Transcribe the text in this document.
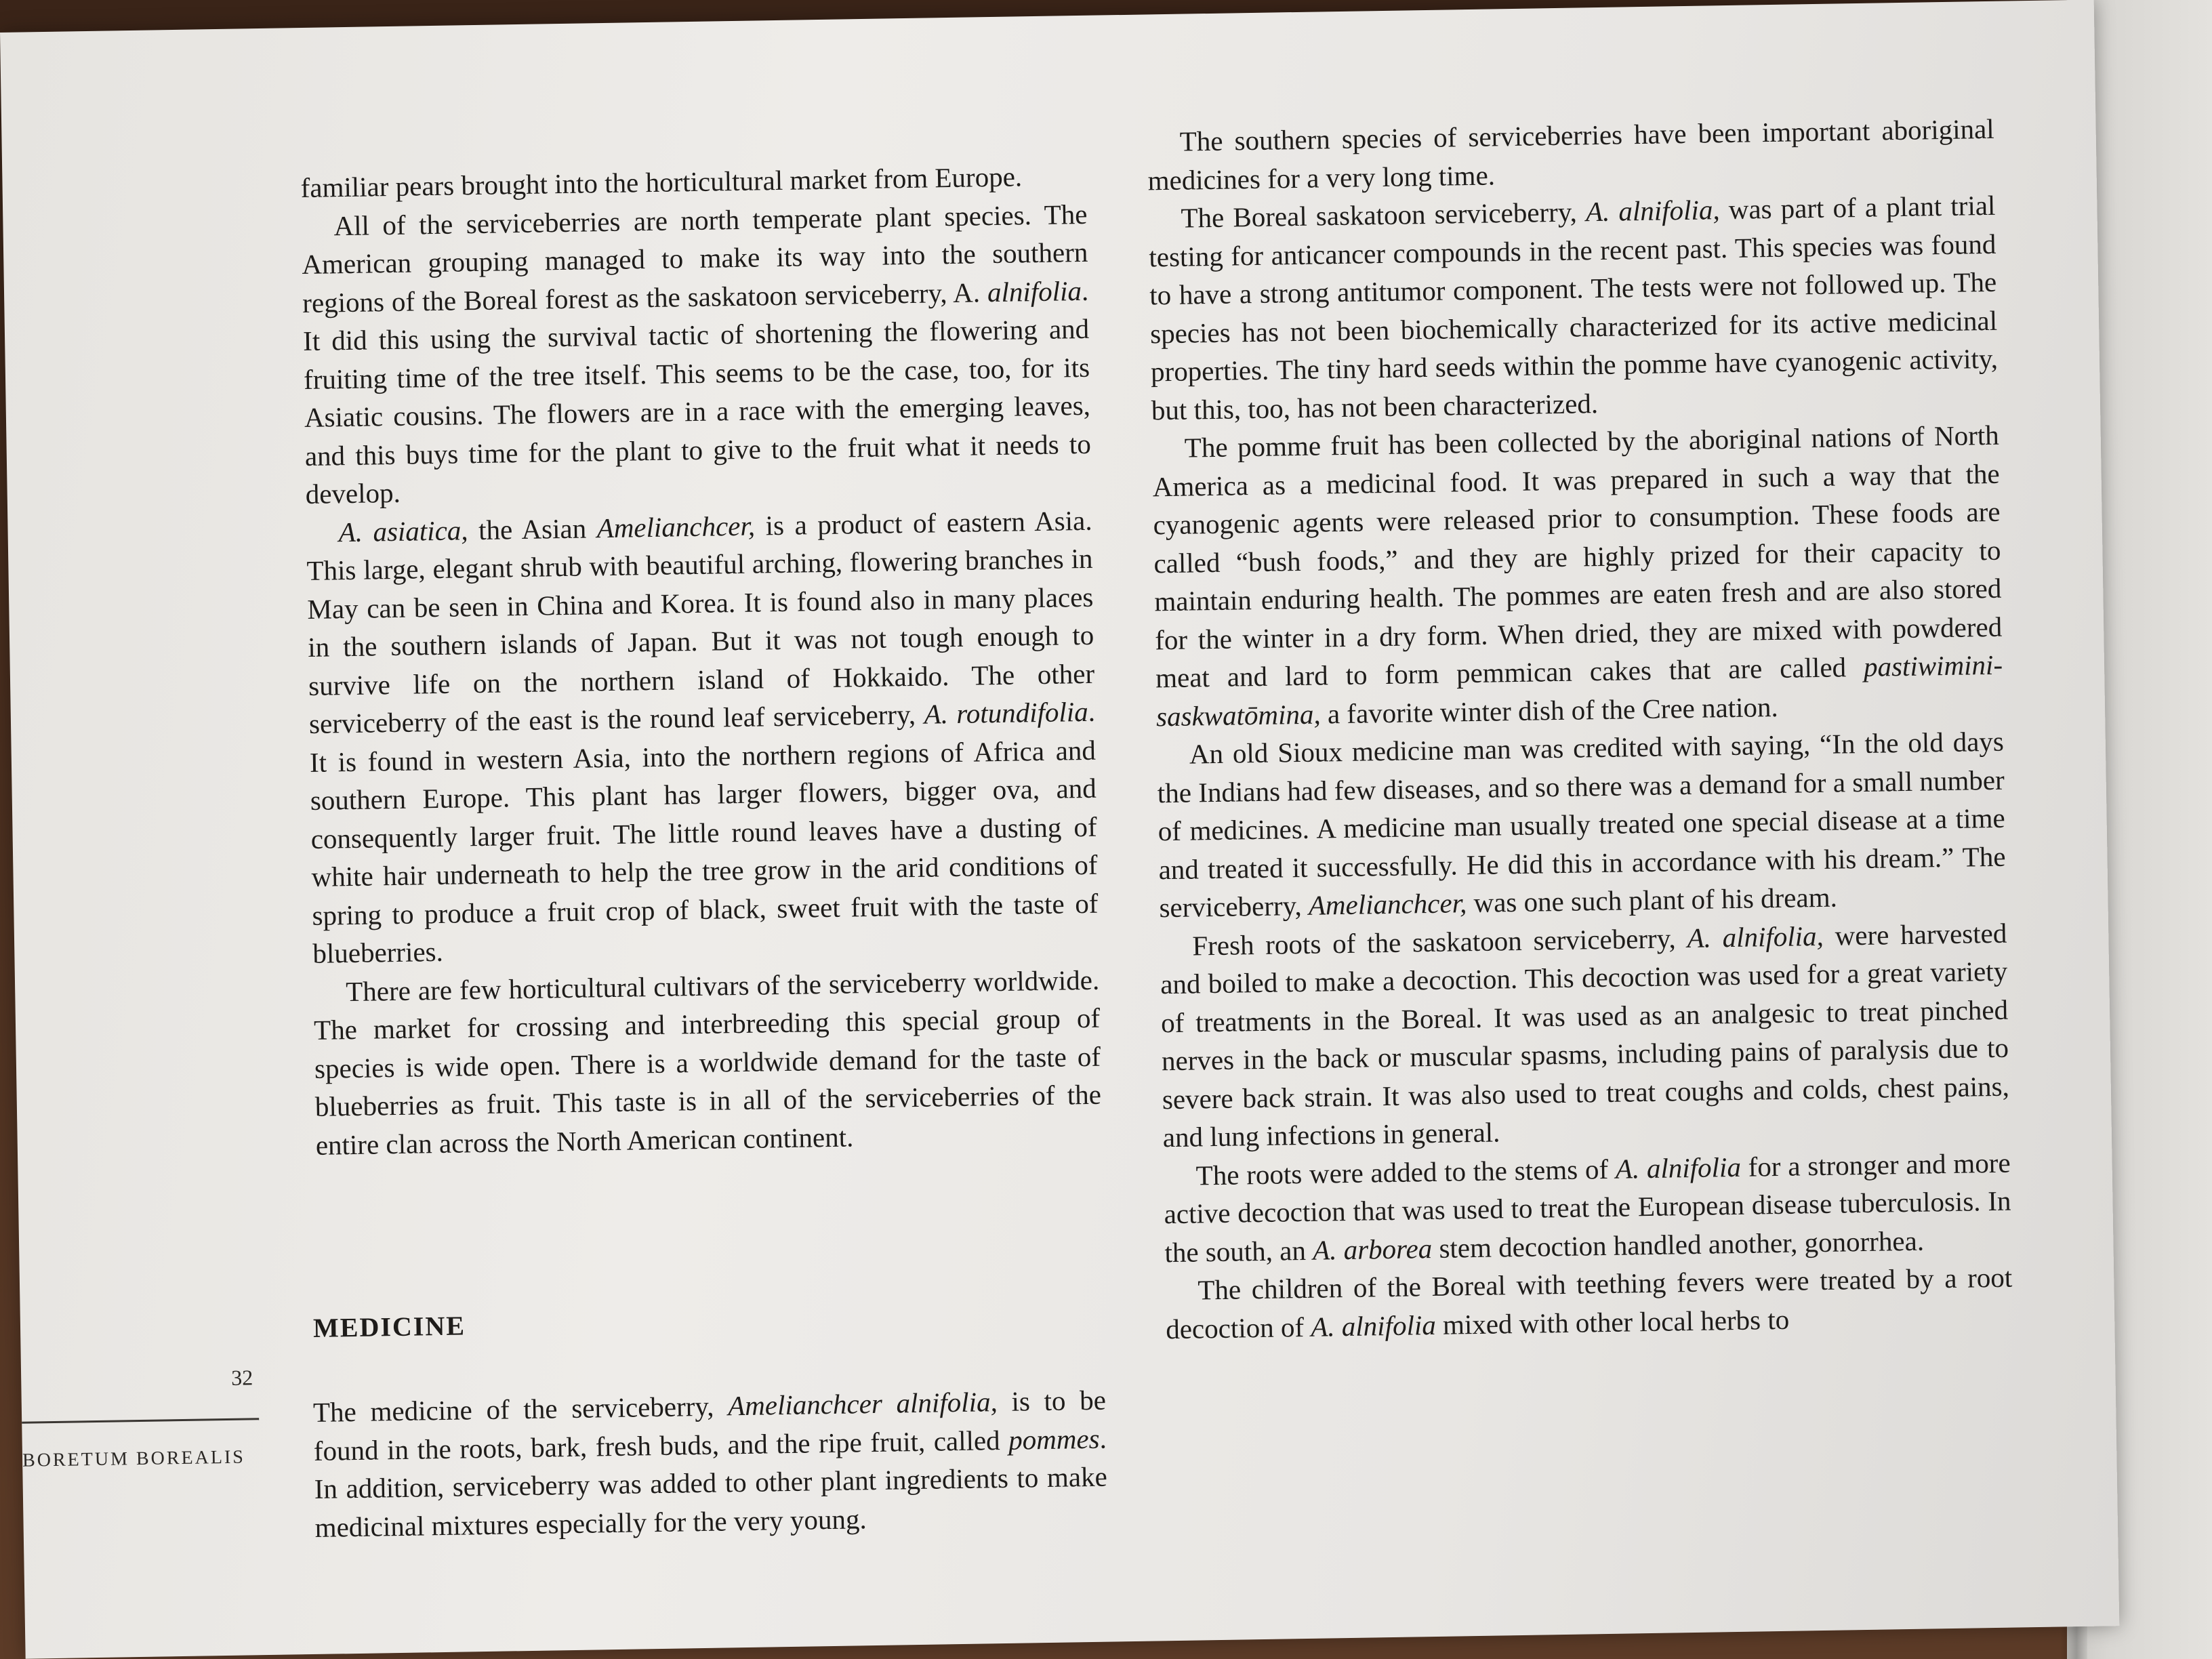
familiar pears brought into the horticultural market from Europe.

All of the serviceberries are north temperate plant species. The American grouping managed to make its way into the southern regions of the Boreal forest as the saskatoon serviceberry, A. alnifolia. It did this using the survival tactic of shortening the flowering and fruiting time of the tree itself. This seems to be the case, too, for its Asiatic cousins. The flowers are in a race with the emerging leaves, and this buys time for the plant to give to the fruit what it needs to develop.

A. asiatica, the Asian Amelianchcer, is a product of eastern Asia. This large, elegant shrub with beautiful arching, flowering branches in May can be seen in China and Korea. It is found also in many places in the southern islands of Japan. But it was not tough enough to survive life on the northern island of Hokkaido. The other serviceberry of the east is the round leaf serviceberry, A. rotundifolia. It is found in western Asia, into the northern regions of Africa and southern Europe. This plant has larger flowers, bigger ova, and consequently larger fruit. The little round leaves have a dusting of white hair underneath to help the tree grow in the arid conditions of spring to produce a fruit crop of black, sweet fruit with the taste of blueberries.

There are few horticultural cultivars of the serviceberry worldwide. The market for crossing and interbreeding this special group of species is wide open. There is a worldwide demand for the taste of blueberries as fruit. This taste is in all of the serviceberries of the entire clan across the North American continent.

MEDICINE

The medicine of the serviceberry, Amelianchcer alnifolia, is to be found in the roots, bark, fresh buds, and the ripe fruit, called pommes. In addition, serviceberry was added to other plant ingredients to make medicinal mixtures especially for the very young.

32
BORETUM BOREALIS

The southern species of serviceberries have been important aboriginal medicines for a very long time.

The Boreal saskatoon serviceberry, A. alnifolia, was part of a plant trial testing for anticancer compounds in the recent past. This species was found to have a strong antitumor component. The tests were not followed up. The species has not been biochemically characterized for its active medicinal properties. The tiny hard seeds within the pomme have cyanogenic activity, but this, too, has not been characterized.

The pomme fruit has been collected by the aboriginal nations of North America as a medicinal food. It was prepared in such a way that the cyanogenic agents were released prior to consumption. These foods are called “bush foods,” and they are highly prized for their capacity to maintain enduring health. The pommes are eaten fresh and are also stored for the winter in a dry form. When dried, they are mixed with powdered meat and lard to form pemmican cakes that are called pastiwimini-saskwatōmina, a favorite winter dish of the Cree nation.

An old Sioux medicine man was credited with saying, “In the old days the Indians had few diseases, and so there was a demand for a small number of medicines. A medicine man usually treated one special disease at a time and treated it successfully. He did this in accordance with his dream.” The serviceberry, Amelianchcer, was one such plant of his dream.

Fresh roots of the saskatoon serviceberry, A. alnifolia, were harvested and boiled to make a decoction. This decoction was used for a great variety of treatments in the Boreal. It was used as an analgesic to treat pinched nerves in the back or muscular spasms, including pains of paralysis due to severe back strain. It was also used to treat coughs and colds, chest pains, and lung infections in general.

The roots were added to the stems of A. alnifolia for a stronger and more active decoction that was used to treat the European disease tuberculosis. In the south, an A. arborea stem decoction handled another, gonorrhea.

The children of the Boreal with teething fevers were treated by a root decoction of A. alnifolia mixed with other local herbs to
